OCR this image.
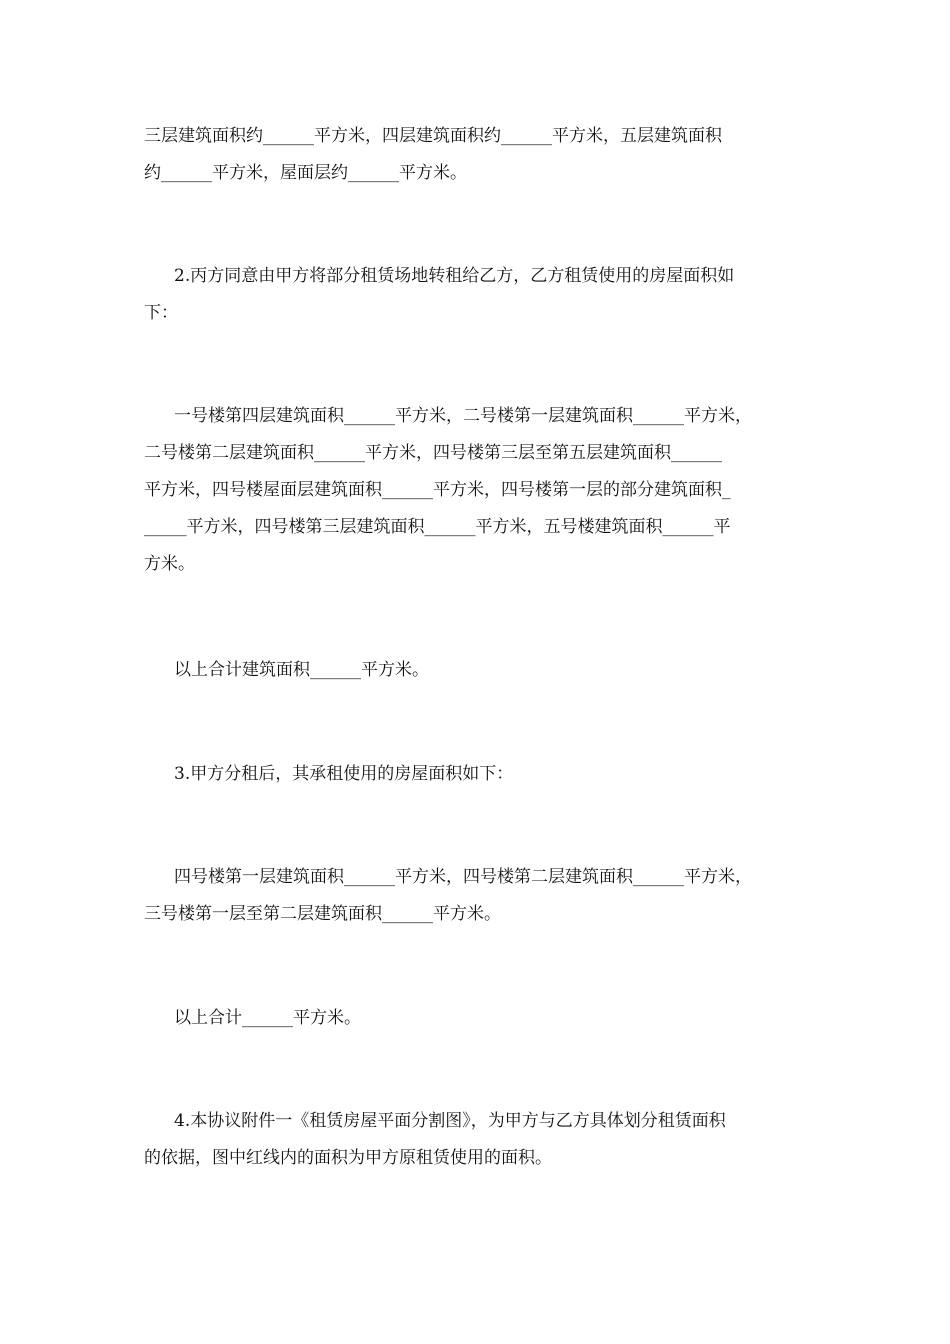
三层建筑面积约______平方米，四层建筑面积约______平方米，五层建筑面积
约______平方米，屋面层约______平方米。
2.丙方同意由甲方将部分租赁场地转租给乙方，乙方租赁使用的房屋面积如
下：
一号楼第四层建筑面积______平方米，二号楼第一层建筑面积______平方米，
二号楼第二层建筑面积______平方米，四号楼第三层至第五层建筑面积______
平方米，四号楼屋面层建筑面积______平方米，四号楼第一层的部分建筑面积_
_____平方米，四号楼第三层建筑面积______平方米，五号楼建筑面积______平
方米。
以上合计建筑面积______平方米。
3.甲方分租后，其承租使用的房屋面积如下：
四号楼第一层建筑面积______平方米，四号楼第二层建筑面积______平方米，
三号楼第一层至第二层建筑面积______平方米。
以上合计______平方米。
4.本协议附件一《租赁房屋平面分割图》，为甲方与乙方具体划分租赁面积
的依据，图中红线内的面积为甲方原租赁使用的面积。
